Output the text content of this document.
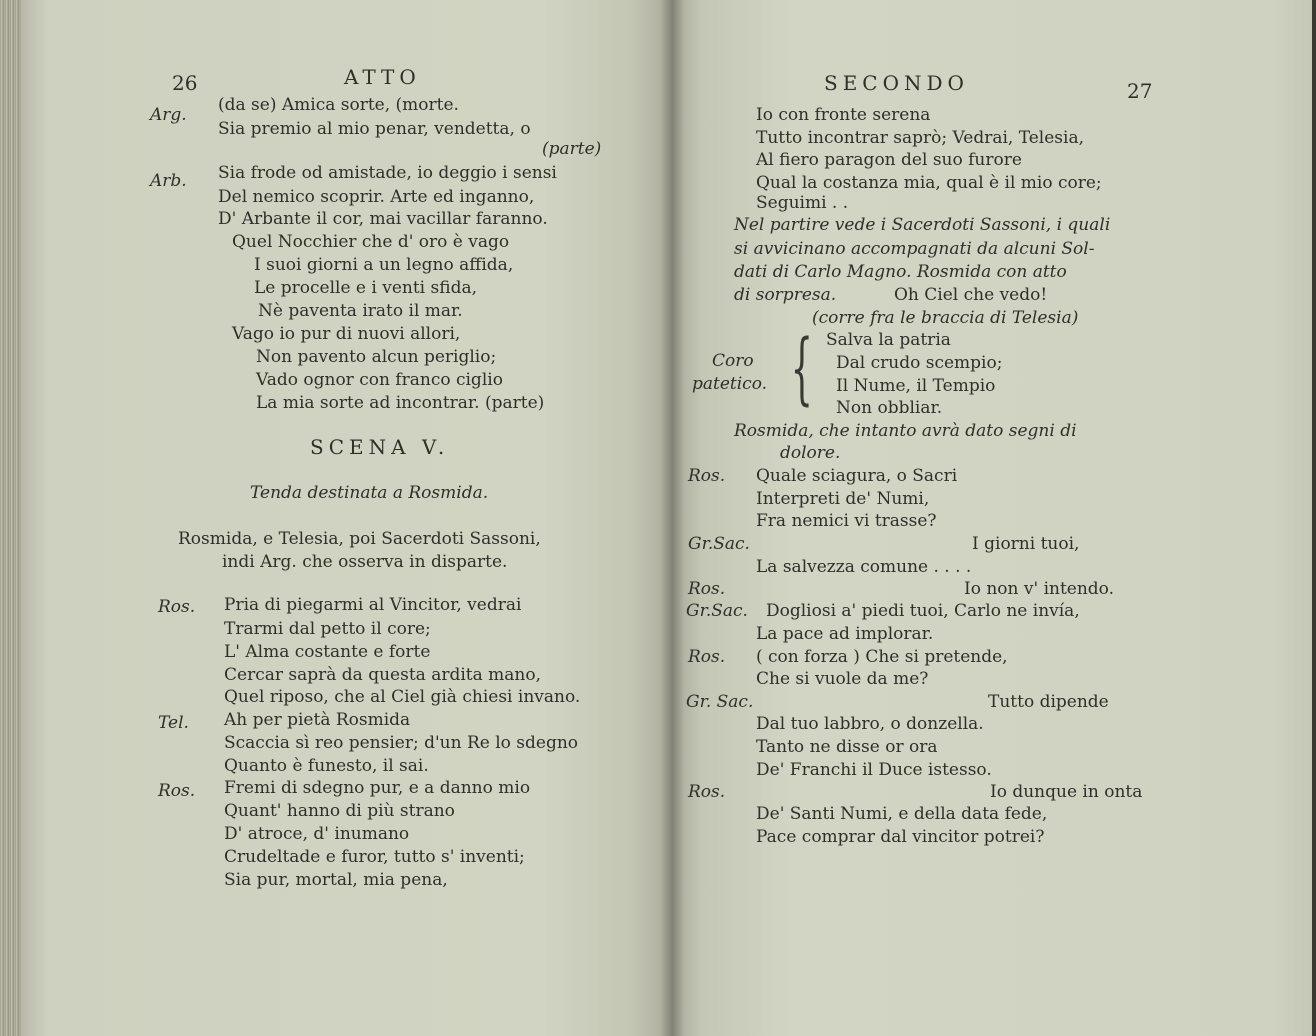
26	ATTO
Arg. (da se) Amica sorte, (morte.
Sia premio al mio penar, vendetta, o
(parte)
Arb. Sia frode od amistade, io deggio i sensi
Del nemico scoprir. Arte ed inganno,
D' Arbante il cor, mai vacillar faranno.
Quel Nocchier che d' oro è vago
I suoi giorni a un legno affida,
Le procelle e i venti sfida,
Nè paventa irato il mar.
Vago io pur di nuovi allori,
Non pavento alcun periglio;
Vado ognor con franco ciglio
La mia sorte ad incontrar. (parte)
SCENA V.
Tenda destinata a Rosmida.
Rosmida, e Telesia, poi Sacerdoti Sassoni,
indi Arg. che osserva in disparte.
Ros. Pria di piegarmi al Vincitor, vedrai
Trarmi dal petto il core;
L' Alma costante e forte
Cercar saprà da questa ardita mano,
Quel riposo, che al Ciel già chiesi invano.
Tel. Ah per pietà Rosmida
Scaccia sì reo pensier; d'un Re lo sdegno
Quanto è funesto, il sai.
Ros. Fremi di sdegno pur, e a danno mio
Quant' hanno di più strano
D' atroce, d' inumano
Crudeltade e furor, tutto s' inventi;
Sia pur, mortal, mia pena,
SECONDO	27
Io con fronte serena
Tutto incontrar saprò; Vedrai, Telesia,
Al fiero paragon del suo furore
Qual la costanza mia, qual è il mio core;
Seguimi . .
Nel partire vede i Sacerdoti Sassoni, i quali
si avvicinano accompagnati da alcuni Sol-
dati di Carlo Magno. Rosmida con atto
di sorpresa.	Oh Ciel che vedo!
(corre fra le braccia di Telesia)
Coro
patetico. { Salva la patria
Dal crudo scempio;
Il Nume, il Tempio
Non obbliar.
Rosmida, che intanto avrà dato segni di
dolore.
Ros. Quale sciagura, o Sacri
Interpreti de' Numi,
Fra nemici vi trasse?
Gr.Sac.	I giorni tuoi,
La salvezza comune . . . .
Ros.	Io non v' intendo.
Gr.Sac. Dogliosi a' piedi tuoi, Carlo ne invía,
La pace ad implorar.
Ros. ( con forza ) Che si pretende,
Che si vuole da me?
Gr. Sac.	Tutto dipende
Dal tuo labbro, o donzella.
Tanto ne disse or ora
De' Franchi il Duce istesso.
Ros.	Io dunque in onta
De' Santi Numi, e della data fede,
Pace comprar dal vincitor potrei?
